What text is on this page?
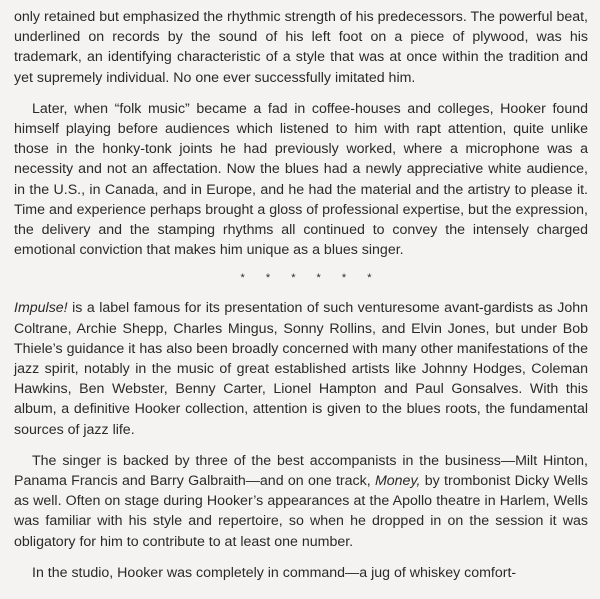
only retained but emphasized the rhythmic strength of his predecessors. The powerful beat, underlined on records by the sound of his left foot on a piece of plywood, was his trademark, an identifying characteristic of a style that was at once within the tradition and yet supremely individual. No one ever successfully imitated him.

Later, when “folk music” became a fad in coffee-houses and colleges, Hooker found himself playing before audiences which listened to him with rapt attention, quite unlike those in the honky-tonk joints he had previously worked, where a microphone was a necessity and not an affectation. Now the blues had a newly appreciative white audience, in the U.S., in Canada, and in Europe, and he had the material and the artistry to please it. Time and experience perhaps brought a gloss of professional expertise, but the expression, the delivery and the stamping rhythms all continued to convey the intensely charged emotional conviction that makes him unique as a blues singer.

* * * * * *

Impulse! is a label famous for its presentation of such venturesome avant-gardists as John Coltrane, Archie Shepp, Charles Mingus, Sonny Rollins, and Elvin Jones, but under Bob Thiele’s guidance it has also been broadly concerned with many other manifestations of the jazz spirit, notably in the music of great established artists like Johnny Hodges, Coleman Hawkins, Ben Webster, Benny Carter, Lionel Hampton and Paul Gonsalves. With this album, a definitive Hooker collection, attention is given to the blues roots, the fundamental sources of jazz life.

The singer is backed by three of the best accompanists in the business—Milt Hinton, Panama Francis and Barry Galbraith—and on one track, Money, by trombonist Dicky Wells as well. Often on stage during Hooker’s appearances at the Apollo theatre in Harlem, Wells was familiar with his style and repertoire, so when he dropped in on the session it was obligatory for him to contribute to at least one number.

In the studio, Hooker was completely in command—a jug of whiskey comfort-
